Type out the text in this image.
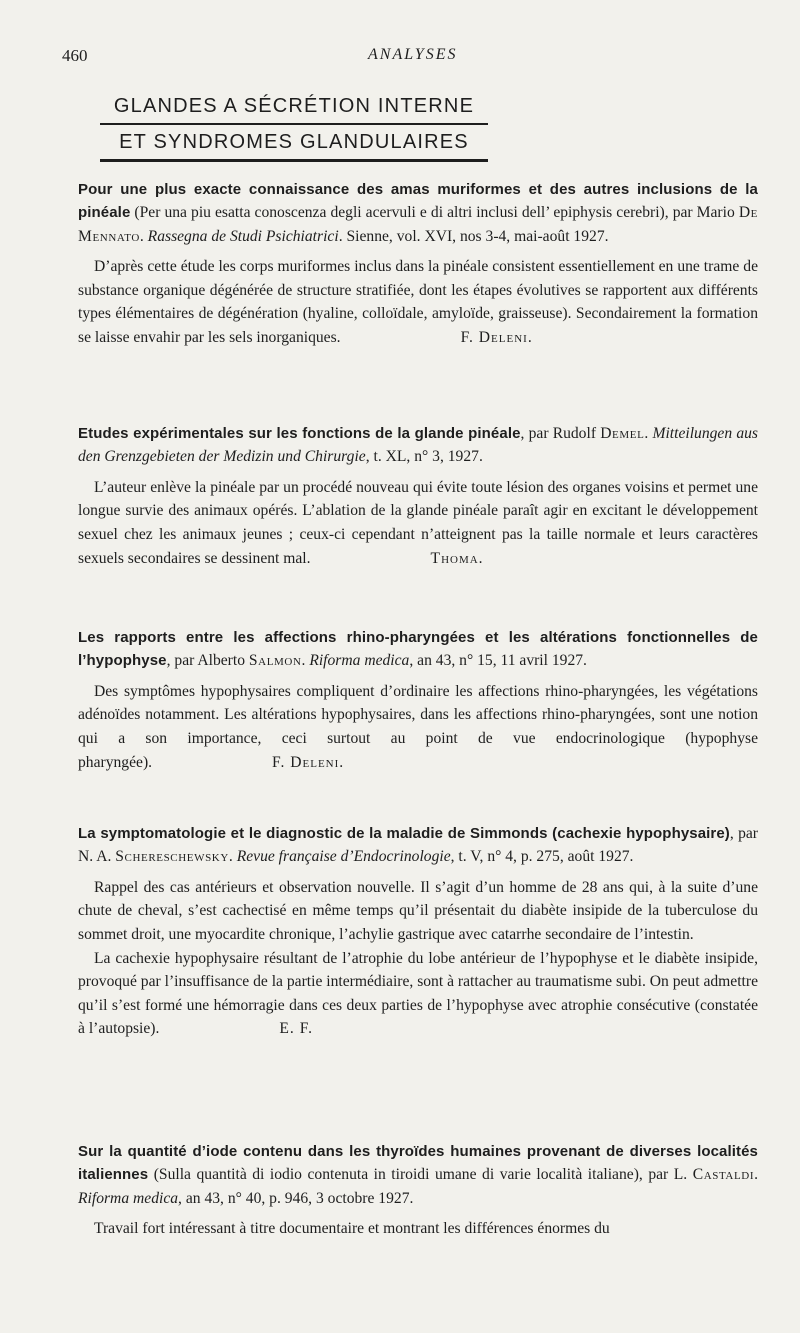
460	ANALYSES
GLANDES A SÉCRÉTION INTERNE
ET SYNDROMES GLANDULAIRES

Pour une plus exacte connaissance des amas muriformes et des autres inclusions de la pinéale (Per una piu esatta conoscenza degli acervuli e di altri inclusi dell’ epiphysis cerebri), par Mario De Mennato. Rassegna de Studi Psichiatrici. Sienne, vol. XVI, nos 3-4, mai-août 1927.

D’après cette étude les corps muriformes inclus dans la pinéale consistent essentiellement en une trame de substance organique dégénérée de structure stratifiée, dont les étapes évolutives se rapportent aux différents types élémentaires de dégénération (hyaline, colloïdale, amyloïde, graisseuse). Secondairement la formation se laisse envahir par les sels inorganiques.	F. Deleni.

Etudes expérimentales sur les fonctions de la glande pinéale, par Rudolf Demel. Mitteilungen aus den Grenzgebieten der Medizin und Chirurgie, t. XL, n° 3, 1927.

L’auteur enlève la pinéale par un procédé nouveau qui évite toute lésion des organes voisins et permet une longue survie des animaux opérés. L’ablation de la glande pinéale paraît agir en excitant le développement sexuel chez les animaux jeunes ; ceux-ci cependant n’atteignent pas la taille normale et leurs caractères sexuels secondaires se dessinent mal.	Thoma.

Les rapports entre les affections rhino-pharyngées et les altérations fonctionnelles de l’hypophyse, par Alberto Salmon. Riforma medica, an 43, n° 15, 11 avril 1927.

Des symptômes hypophysaires compliquent d’ordinaire les affections rhino-pharyngées, les végétations adénoïdes notamment. Les altérations hypophysaires, dans les affections rhino-pharyngées, sont une notion qui a son importance, ceci surtout au point de vue endocrinologique (hypophyse pharyngée).	F. Deleni.

La symptomatologie et le diagnostic de la maladie de Simmonds (cachexie hypophysaire), par N. A. Schereschewsky. Revue française d’Endocrinologie, t. V, n° 4, p. 275, août 1927.

Rappel des cas antérieurs et observation nouvelle. Il s’agit d’un homme de 28 ans qui, à la suite d’une chute de cheval, s’est cachectisé en même temps qu’il présentait du diabète insipide de la tuberculose du sommet droit, une myocardite chronique, l’achylie gastrique avec catarrhe secondaire de l’intestin.

La cachexie hypophysaire résultant de l’atrophie du lobe antérieur de l’hypophyse et le diabète insipide, provoqué par l’insuffisance de la partie intermédiaire, sont à rattacher au traumatisme subi. On peut admettre qu’il s’est formé une hémorragie dans ces deux parties de l’hypophyse avec atrophie consécutive (constatée à l’autopsie).	E. F.

Sur la quantité d’iode contenu dans les thyroïdes humaines provenant de diverses localités italiennes (Sulla quantità di iodio contenuta in tiroidi umane di varie località italiane), par L. Castaldi. Riforma medica, an 43, n° 40, p. 946, 3 octobre 1927.

Travail fort intéressant à titre documentaire et montrant les différences énormes du
